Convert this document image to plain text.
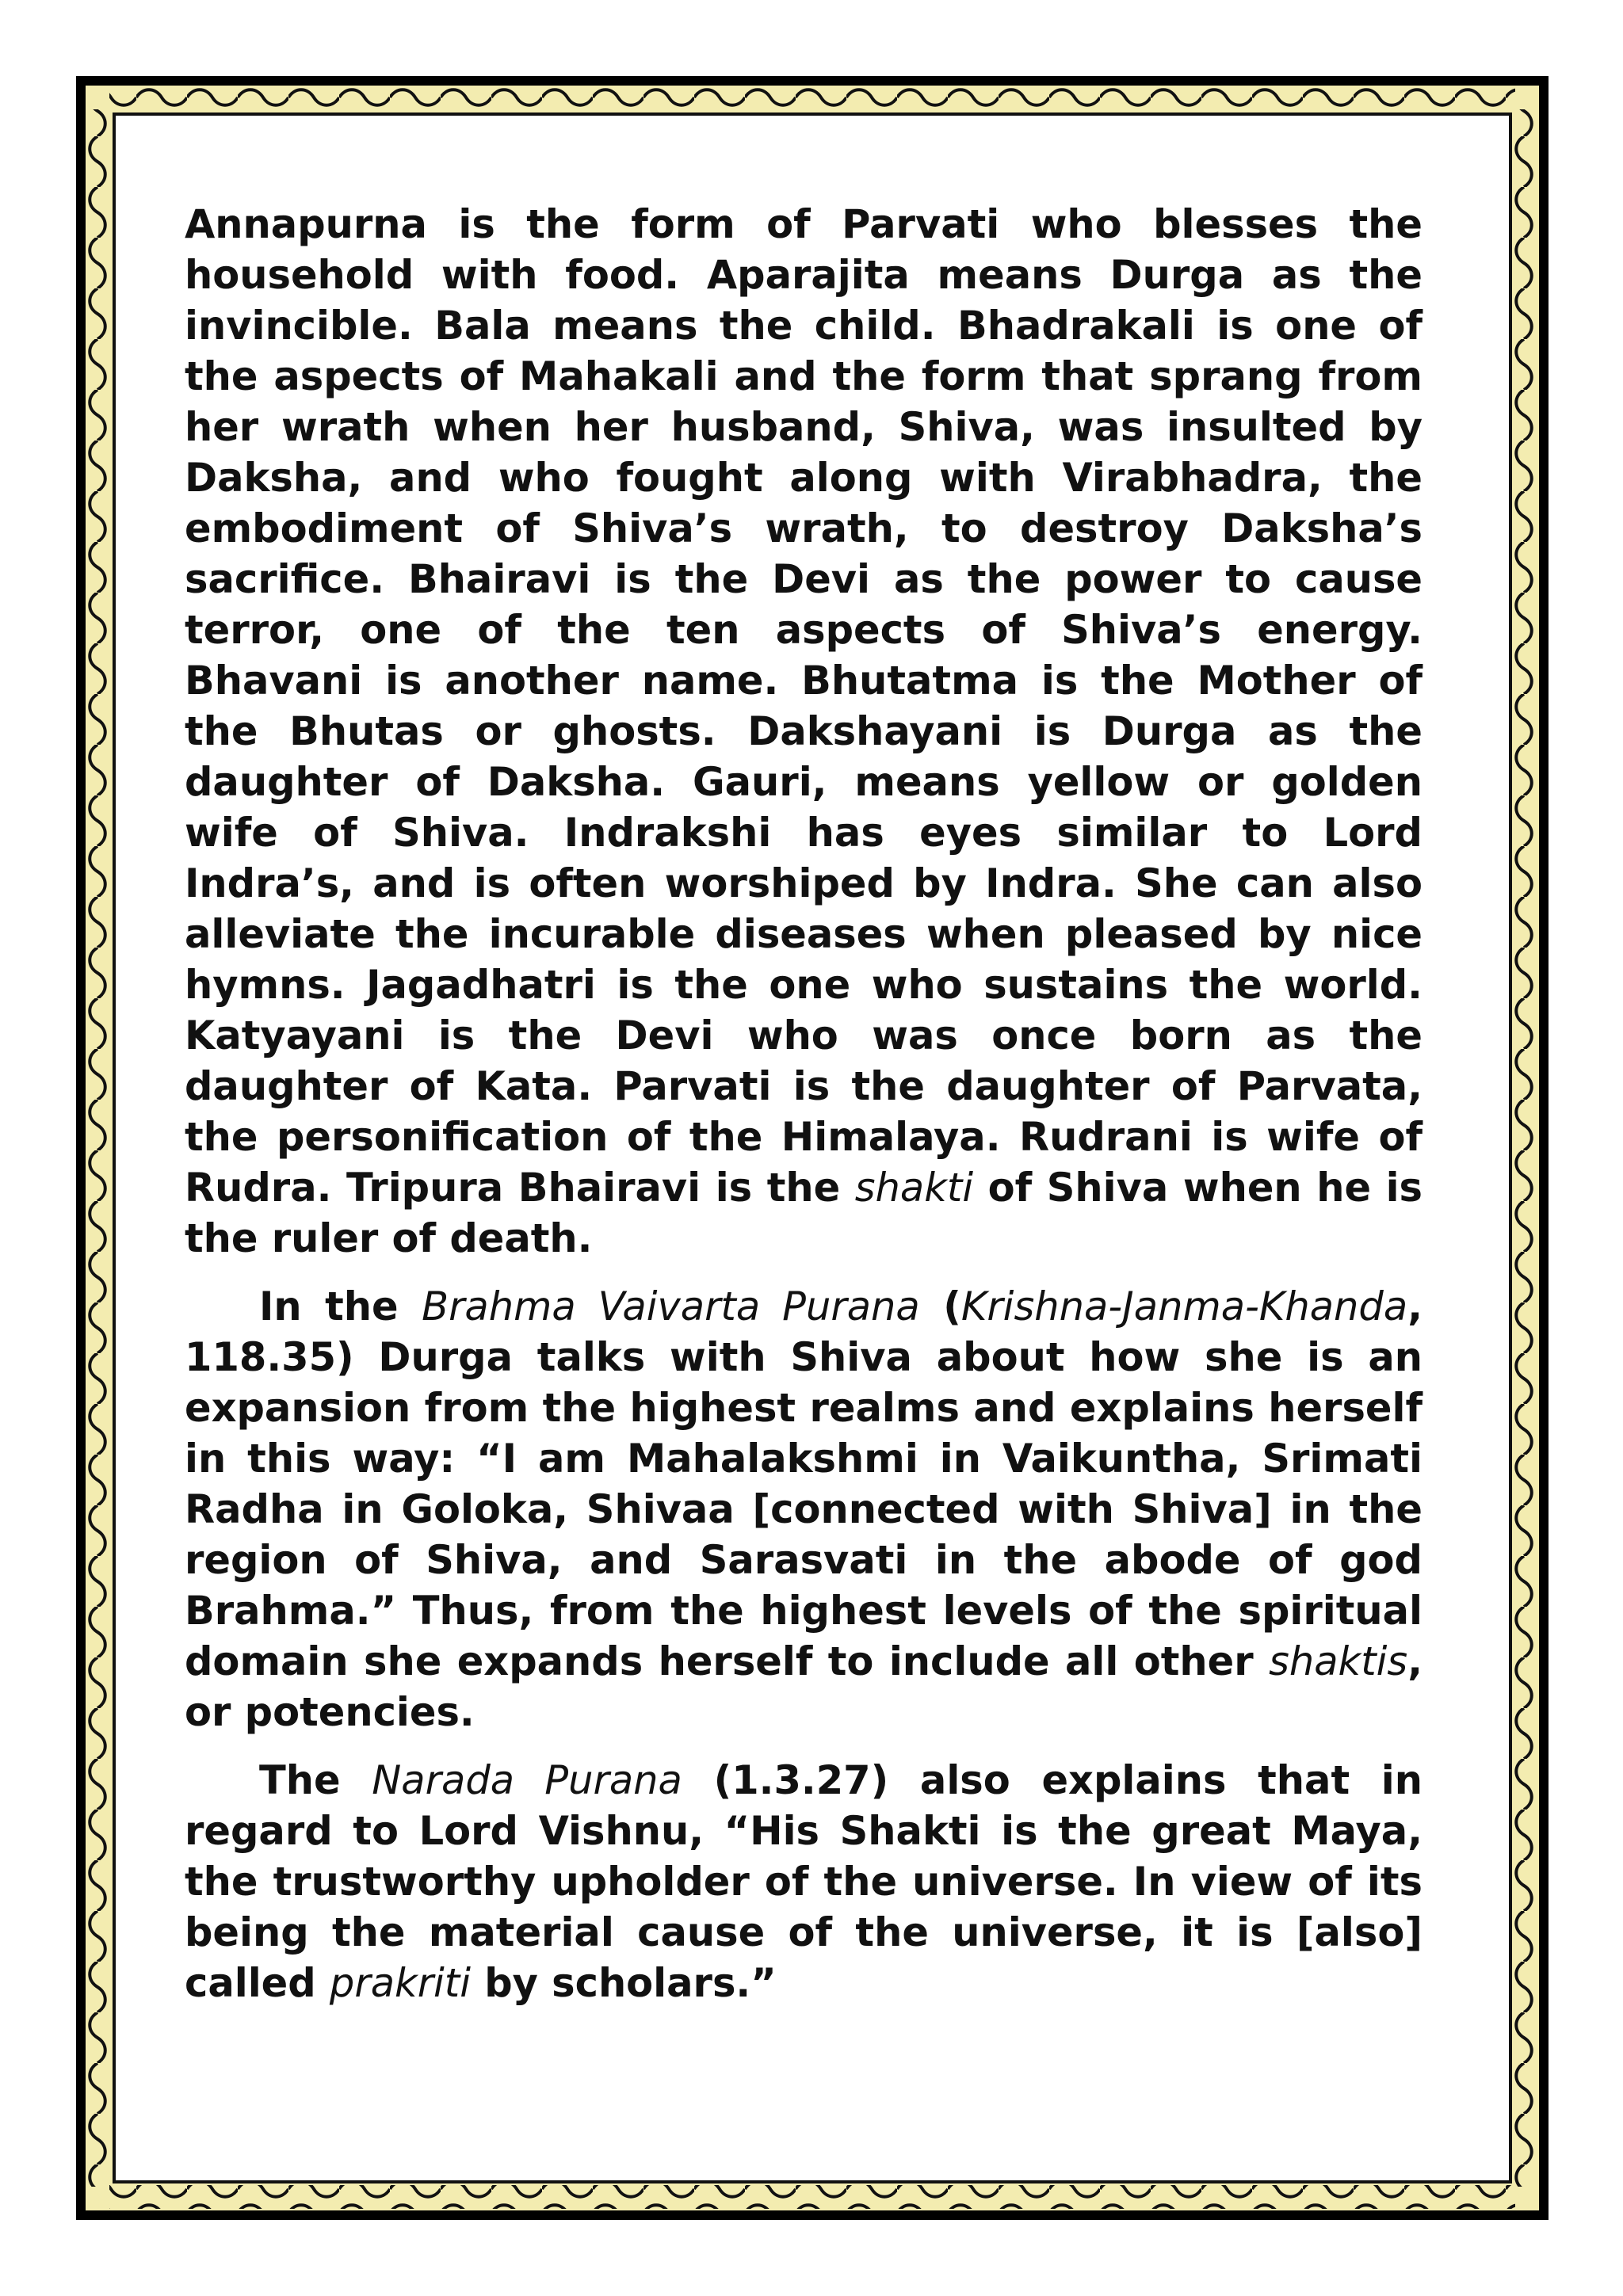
Annapurna is the form of Parvati who blesses the household with food. Aparajita means Durga as the invincible. Bala means the child. Bhadrakali is one of the aspects of Mahakali and the form that sprang from her wrath when her husband, Shiva, was insulted by Daksha, and who fought along with Virabhadra, the embodiment of Shiva’s wrath, to destroy Daksha’s sacrifice. Bhairavi is the Devi as the power to cause terror, one of the ten aspects of Shiva’s energy. Bhavani is another name. Bhutatma is the Mother of the Bhutas or ghosts. Dakshayani is Durga as the daughter of Daksha. Gauri, means yellow or golden wife of Shiva. Indrakshi has eyes similar to Lord Indra’s, and is often worshiped by Indra. She can also alleviate the incurable diseases when pleased by nice hymns. Jagadhatri is the one who sustains the world. Katyayani is the Devi who was once born as the daughter of Kata. Parvati is the daughter of Parvata, the personification of the Himalaya. Rudrani is wife of Rudra. Tripura Bhairavi is the shakti of Shiva when he is the ruler of death.

In the Brahma Vaivarta Purana (Krishna-Janma-Khanda, 118.35) Durga talks with Shiva about how she is an expansion from the highest realms and explains herself in this way: “I am Mahalakshmi in Vaikuntha, Srimati Radha in Goloka, Shivaa [connected with Shiva] in the region of Shiva, and Sarasvati in the abode of god Brahma.” Thus, from the highest levels of the spiritual domain she expands herself to include all other shaktis, or potencies.

The Narada Purana (1.3.27) also explains that in regard to Lord Vishnu, “His Shakti is the great Maya, the trustworthy upholder of the universe. In view of its being the material cause of the universe, it is [also] called prakriti by scholars.”
